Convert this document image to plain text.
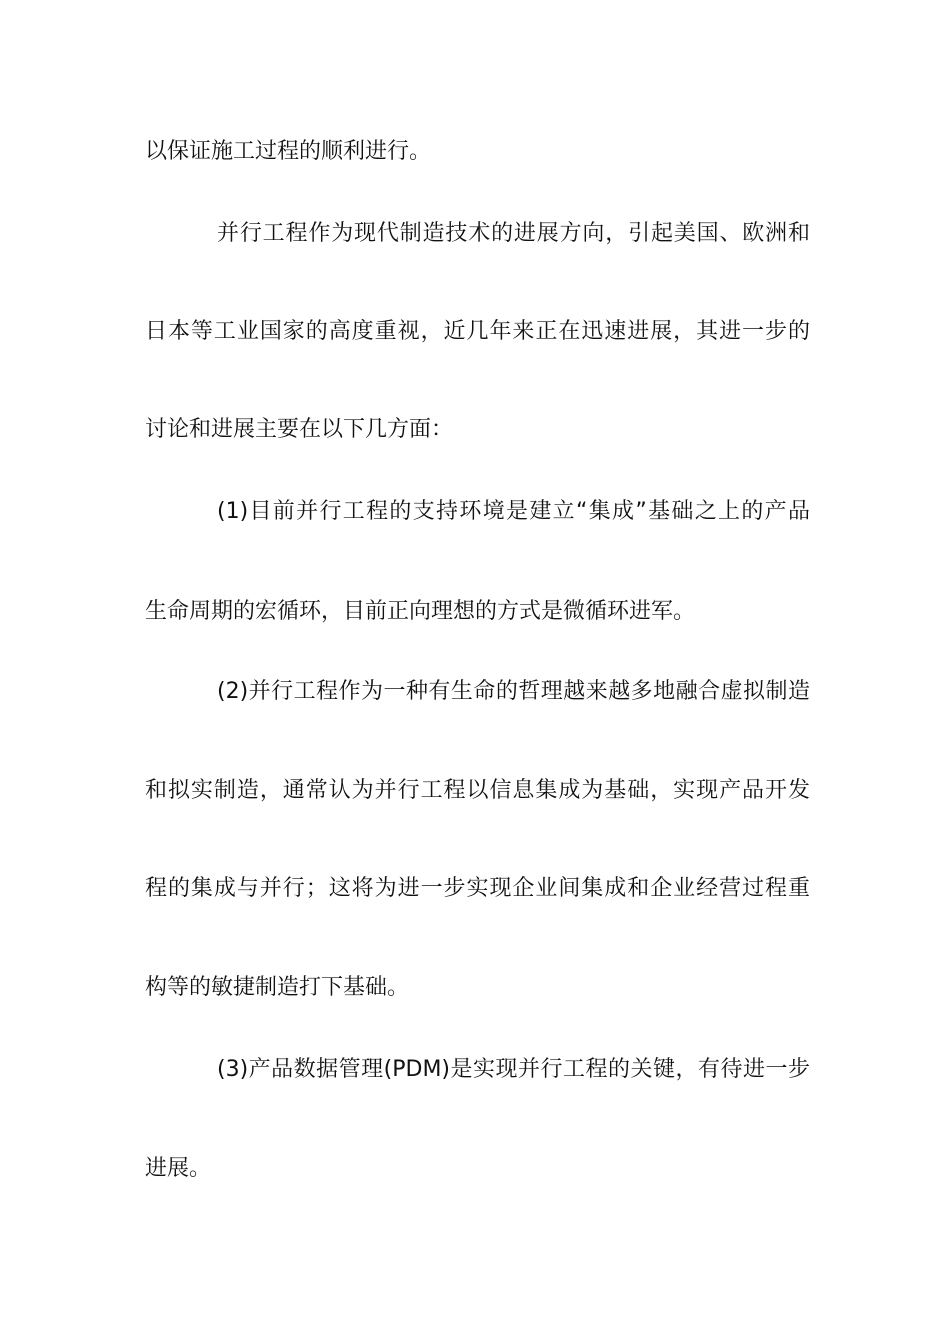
以保证施工过程的顺利进行。
并行工程作为现代制造技术的进展方向，引起美国、欧洲和
日本等工业国家的高度重视，近几年来正在迅速进展，其进一步的
讨论和进展主要在以下几方面：
(1)目前并行工程的支持环境是建立“集成”基础之上的产品
生命周期的宏循环，目前正向理想的方式是微循环进军。
(2)并行工程作为一种有生命的哲理越来越多地融合虚拟制造
和拟实制造，通常认为并行工程以信息集成为基础，实现产品开发
程的集成与并行；这将为进一步实现企业间集成和企业经营过程重
构等的敏捷制造打下基础。
(3)产品数据管理(PDM)是实现并行工程的关键，有待进一步
进展。
